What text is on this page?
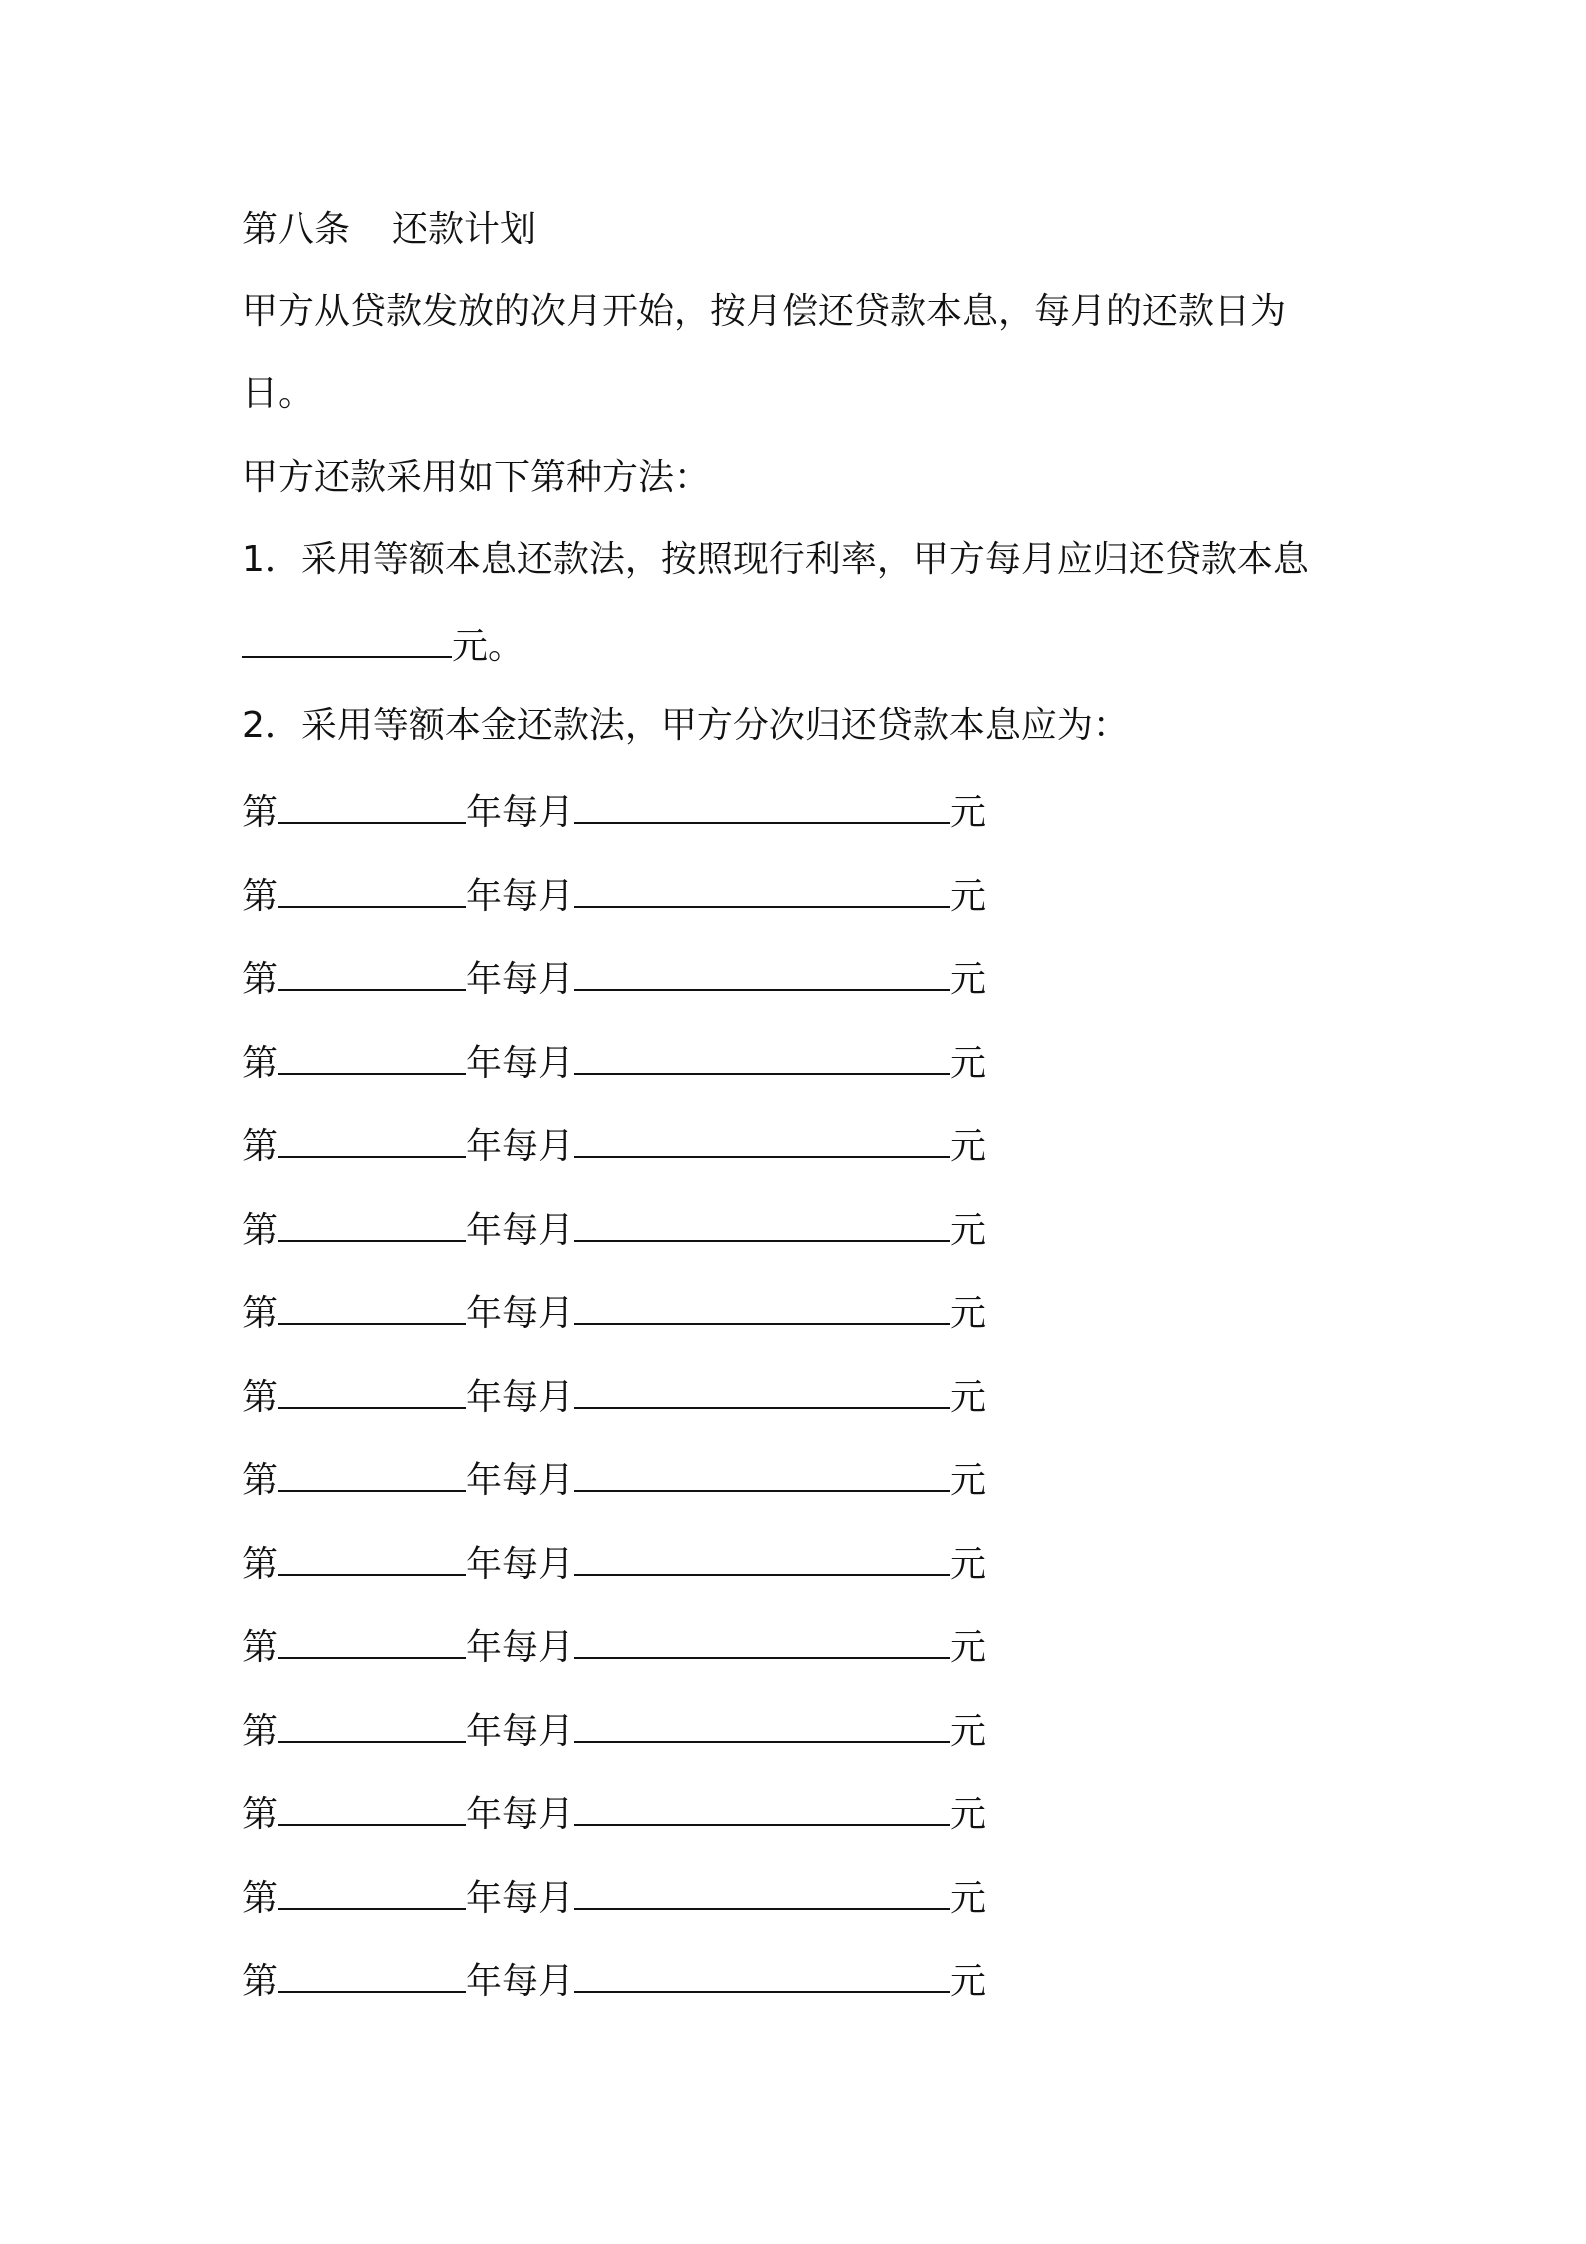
第八条 还款计划
甲方从贷款发放的次月开始，按月偿还贷款本息，每月的还款日为
日。
甲方还款采用如下第种方法：
1．采用等额本息还款法，按照现行利率，甲方每月应归还贷款本息
元。
2．采用等额本金还款法，甲方分次归还贷款本息应为：
第	年每月	元
第	年每月	元
第	年每月	元
第	年每月	元
第	年每月	元
第	年每月	元
第	年每月	元
第	年每月	元
第	年每月	元
第	年每月	元
第	年每月	元
第	年每月	元
第	年每月	元
第	年每月	元
第	年每月	元
